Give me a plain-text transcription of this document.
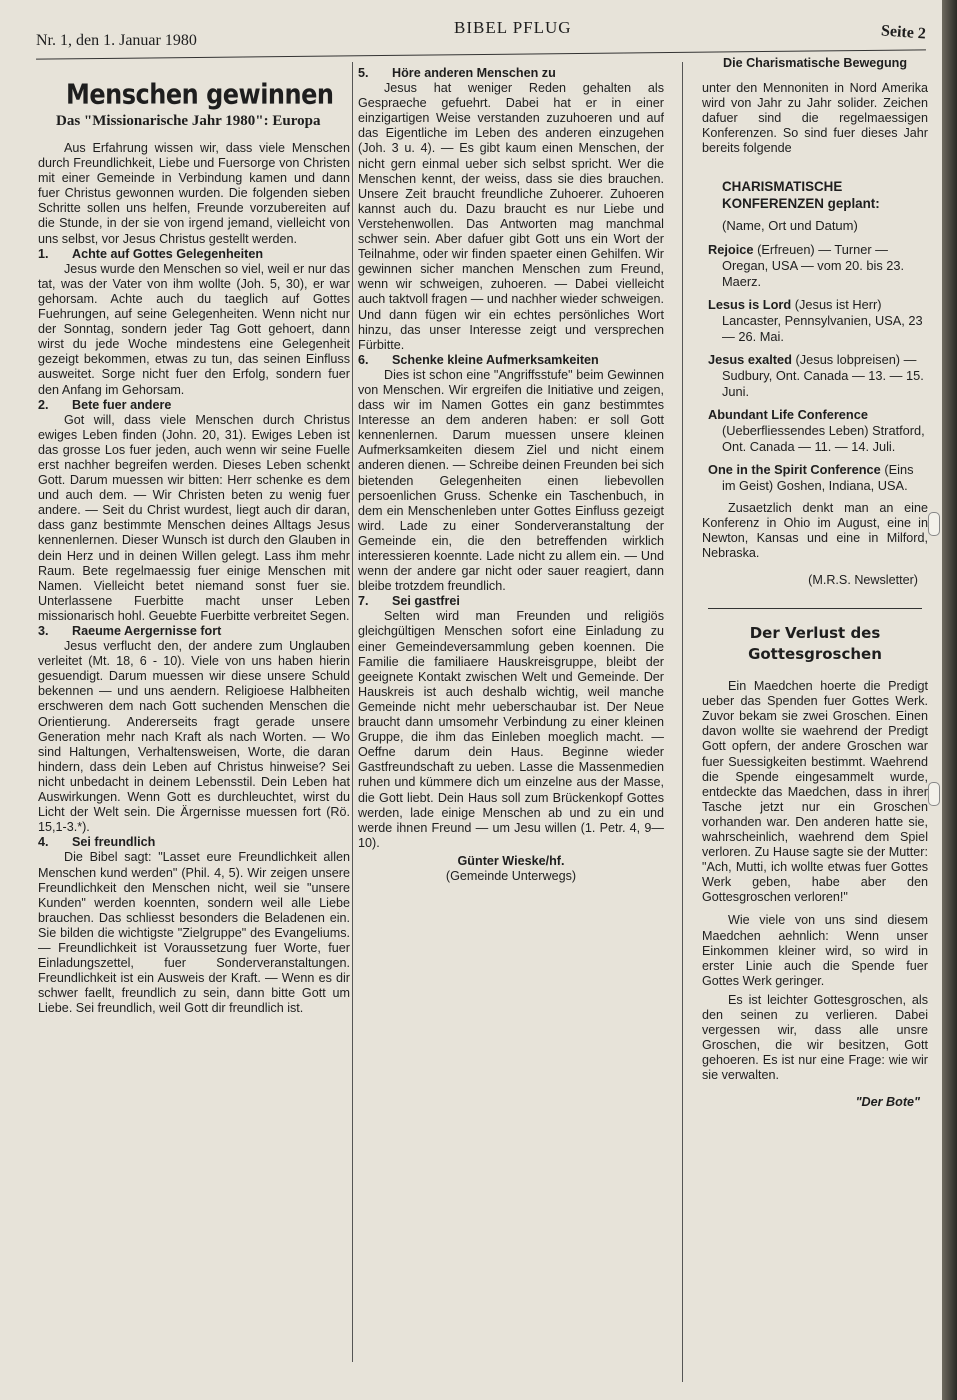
Nr. 1, den 1. Januar 1980
BIBEL PFLUG	Seite 2
Menschen gewinnen
Das "Missionarische Jahr 1980": Europa

Aus Erfahrung wissen wir, dass viele Menschen durch Freundlichkeit, Liebe und Fuersorge von Christen mit einer Gemeinde in Verbindung kamen und dann fuer Christus gewonnen wurden. Die folgenden sieben Schritte sollen uns helfen, Freunde vorzubereiten auf die Stunde, in der sie von irgend jemand, vielleicht von uns selbst, vor Jesus Christus gestellt werden.

1.	Achte auf Gottes Gelegenheiten

Jesus wurde den Menschen so viel, weil er nur das tat, was der Vater von ihm wollte (Joh. 5, 30), er war gehorsam. Achte auch du taeglich auf Gottes Fuehrungen, auf seine Gelegenheiten. Wenn nicht nur der Sonntag, sondern jeder Tag Gott gehoert, dann wirst du jede Woche mindestens eine Gelegenheit gezeigt bekommen, etwas zu tun, das seinen Einfluss ausweitet. Sorge nicht fuer den Erfolg, sondern fuer den Anfang im Gehorsam.

2.	Bete fuer andere

Got will, dass viele Menschen durch Christus ewiges Leben finden (John. 20, 31). Ewiges Leben ist das grosse Los fuer jeden, auch wenn wir seine Fuelle erst nachher begreifen werden. Dieses Leben schenkt Gott. Darum muessen wir bitten: Herr schenke es dem und auch dem. — Wir Christen beten zu wenig fuer andere. — Seit du Christ wurdest, liegt auch dir daran, dass ganz bestimmte Menschen deines Alltags Jesus kennenlernen. Dieser Wunsch ist durch den Glauben in dein Herz und in deinen Willen gelegt. Lass ihm mehr Raum. Bete regelmaessig fuer einige Menschen mit Namen. Vielleicht betet niemand sonst fuer sie. Unterlassene Fuerbitte macht unser Leben missionarisch hohl. Geuebte Fuerbitte verbreitet Segen.

3.	Raeume Aergernisse fort

Jesus verflucht den, der andere zum Unglauben verleitet (Mt. 18, 6 - 10). Viele von uns haben hierin gesuendigt. Darum muessen wir diese unsere Schuld bekennen — und uns aendern. Religioese Halbheiten erschweren dem nach Gott suchenden Menschen die Orientierung. Andererseits fragt gerade unsere Generation mehr nach Kraft als nach Worten. — Wo sind Haltungen, Verhaltensweisen, Worte, die daran hindern, dass dein Leben auf Christus hinweise? Sei nicht unbedacht in deinem Lebensstil. Dein Leben hat Auswirkungen. Wenn Gott es durchleuchtet, wirst du Licht der Welt sein. Die Ärgernisse muessen fort (Rö. 15,1-3.*).

4.	Sei freundlich

Die Bibel sagt: "Lasset eure Freundlichkeit allen Menschen kund werden" (Phil. 4, 5). Wir zeigen unsere Freundlichkeit den Menschen nicht, weil sie "unsere Kunden" werden koennten, sondern weil alle Liebe brauchen. Das schliesst besonders die Beladenen ein. Sie bilden die wichtigste "Zielgruppe" des Evangeliums. — Freundlichkeit ist Voraussetzung fuer Worte, fuer Einladungszettel, fuer Sonderveranstaltungen. Freundlichkeit ist ein Ausweis der Kraft. — Wenn es dir schwer faellt, freundlich zu sein, dann bitte Gott um Liebe. Sei freundlich, weil Gott dir freundlich ist.

5.	Höre anderen Menschen zu

Jesus hat weniger Reden gehalten als Gespraeche gefuehrt. Dabei hat er in einer einzigartigen Weise verstanden zuzuhoeren und auf das Eigentliche im Leben des anderen einzugehen (Joh. 3 u. 4). — Es gibt kaum einen Menschen, der nicht gern einmal ueber sich selbst spricht. Wer die Menschen kennt, der weiss, dass sie dies brauchen. Unsere Zeit braucht freundliche Zuhoerer. Zuhoeren kannst auch du. Dazu braucht es nur Liebe und Verstehenwollen. Das Antworten mag manchmal schwer sein. Aber dafuer gibt Gott uns ein Wort der Teilnahme, oder wir finden spaeter einen Gehilfen. Wir gewinnen sicher manchen Menschen zum Freund, wenn wir schweigen, zuhoeren. — Dabei vielleicht auch taktvoll fragen — und nachher wieder schweigen. Und dann fügen wir ein echtes persönliches Wort hinzu, das unser Interesse zeigt und versprechen Fürbitte.

6.	Schenke kleine Aufmerksamkeiten

Dies ist schon eine "Angriffsstufe" beim Gewinnen von Menschen. Wir ergreifen die Initiative und zeigen, dass wir im Namen Gottes ein ganz bestimmtes Interesse an dem anderen haben: er soll Gott kennenlernen. Darum muessen unsere kleinen Aufmerksamkeiten diesem Ziel und nicht einem anderen dienen. — Schreibe deinen Freunden bei sich bietenden Gelegenheiten einen liebevollen persoenlichen Gruss. Schenke ein Taschenbuch, in dem ein Menschenleben unter Gottes Einfluss gezeigt wird. Lade zu einer Sonderveranstaltung der Gemeinde ein, die den betreffenden wirklich interessieren koennte. Lade nicht zu allem ein. — Und wenn der andere gar nicht oder sauer reagiert, dann bleibe trotzdem freundlich.

7.	Sei gastfrei

Selten wird man Freunden und religiös gleichgültigen Menschen sofort eine Einladung zu einer Gemeindeversammlung geben koennen. Die Familie die familiaere Hauskreisgruppe, bleibt der geeignete Kontakt zwischen Welt und Gemeinde. Der Hauskreis ist auch deshalb wichtig, weil manche Gemeinde nicht mehr ueberschaubar ist. Der Neue braucht dann umsomehr Verbindung zu einer kleinen Gruppe, die ihm das Einleben moeglich macht. — Oeffne darum dein Haus. Beginne wieder Gastfreundschaft zu ueben. Lasse die Massenmedien ruhen und kümmere dich um einzelne aus der Masse, die Gott liebt. Dein Haus soll zum Brückenkopf Gottes werden, lade einige Menschen ab und zu ein und werde ihnen Freund — um Jesu willen (1. Petr. 4, 9—10).

Günter Wieske/hf.
(Gemeinde Unterwegs)
Die Charismatische Bewegung

unter den Mennoniten in Nord Amerika wird von Jahr zu Jahr solider. Zeichen dafuer sind die regelmaessigen Konferenzen. So sind fuer dieses Jahr bereits folgende

CHARISMATISCHE KONFERENZEN geplant:
(Name, Ort und Datum)
Rejoice (Erfreuen) — Turner — Oregan, USA — vom 20. bis 23. Maerz.
Lesus is Lord (Jesus ist Herr) Lancaster, Pennsylvanien, USA, 23 — 26. Mai.
Jesus exalted (Jesus lobpreisen) — Sudbury, Ont. Canada — 13. — 15. Juni.
Abundant Life Conference (Ueberfliessendes Leben) Stratford, Ont. Canada — 11. — 14. Juli.
One in the Spirit Conference (Eins im Geist) Goshen, Indiana, USA.

Zusaetzlich denkt man an eine Konferenz in Ohio im August, eine in Newton, Kansas und eine in Milford, Nebraska.

(M.R.S. Newsletter)
Der Verlust des Gottesgroschen

Ein Maedchen hoerte die Predigt ueber das Spenden fuer Gottes Werk. Zuvor bekam sie zwei Groschen. Einen davon wollte sie waehrend der Predigt Gott opfern, der andere Groschen war fuer Suessigkeiten bestimmt. Waehrend die Spende eingesammelt wurde, entdeckte das Maedchen, dass in ihrer Tasche jetzt nur ein Groschen vorhanden war. Den anderen hatte sie, wahrscheinlich, waehrend dem Spiel verloren. Zu Hause sagte sie der Mutter: "Ach, Mutti, ich wollte etwas fuer Gottes Werk geben, habe aber den Gottesgroschen verloren!"

Wie viele von uns sind diesem Maedchen aehnlich: Wenn unser Einkommen kleiner wird, so wird in erster Linie auch die Spende fuer Gottes Werk geringer.

Es ist leichter Gottesgroschen, als den seinen zu verlieren. Dabei vergessen wir, dass alle unsre Groschen, die wir besitzen, Gott gehoeren. Es ist nur eine Frage: wie wir sie verwalten.

"Der Bote"
